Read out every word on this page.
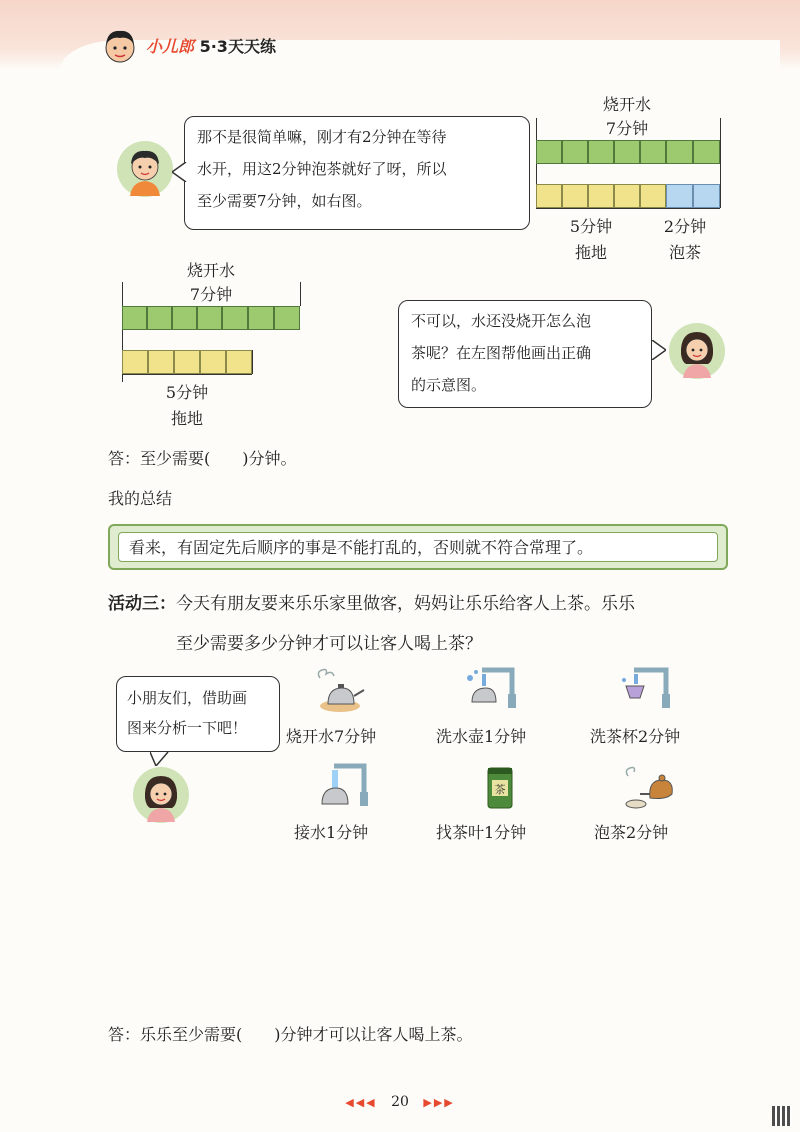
小儿郎 5·3天天练
那不是很简单嘛，刚才有2分钟在等待
水开，用这2分钟泡茶就好了呀，所以
至少需要7分钟，如右图。
烧开水
7分钟
5分钟
拖地
2分钟
泡茶
烧开水
7分钟
5分钟
拖地
不可以，水还没烧开怎么泡
茶呢？在左图帮他画出正确
的示意图。
答：至少需要(　　)分钟。
我的总结
看来，有固定先后顺序的事是不能打乱的，否则就不符合常理了。
活动三：今天有朋友要来乐乐家里做客，妈妈让乐乐给客人上茶。乐乐
至少需要多少分钟才可以让客人喝上茶？
小朋友们，借助画
图来分析一下吧！	烧开水7分钟	洗水壶1分钟	洗茶杯2分钟
接水1分钟
茶
找茶叶1分钟	泡茶2分钟
答：乐乐至少需要(　　)分钟才可以让客人喝上茶。
◀◀◀ 20 ▶▶▶
